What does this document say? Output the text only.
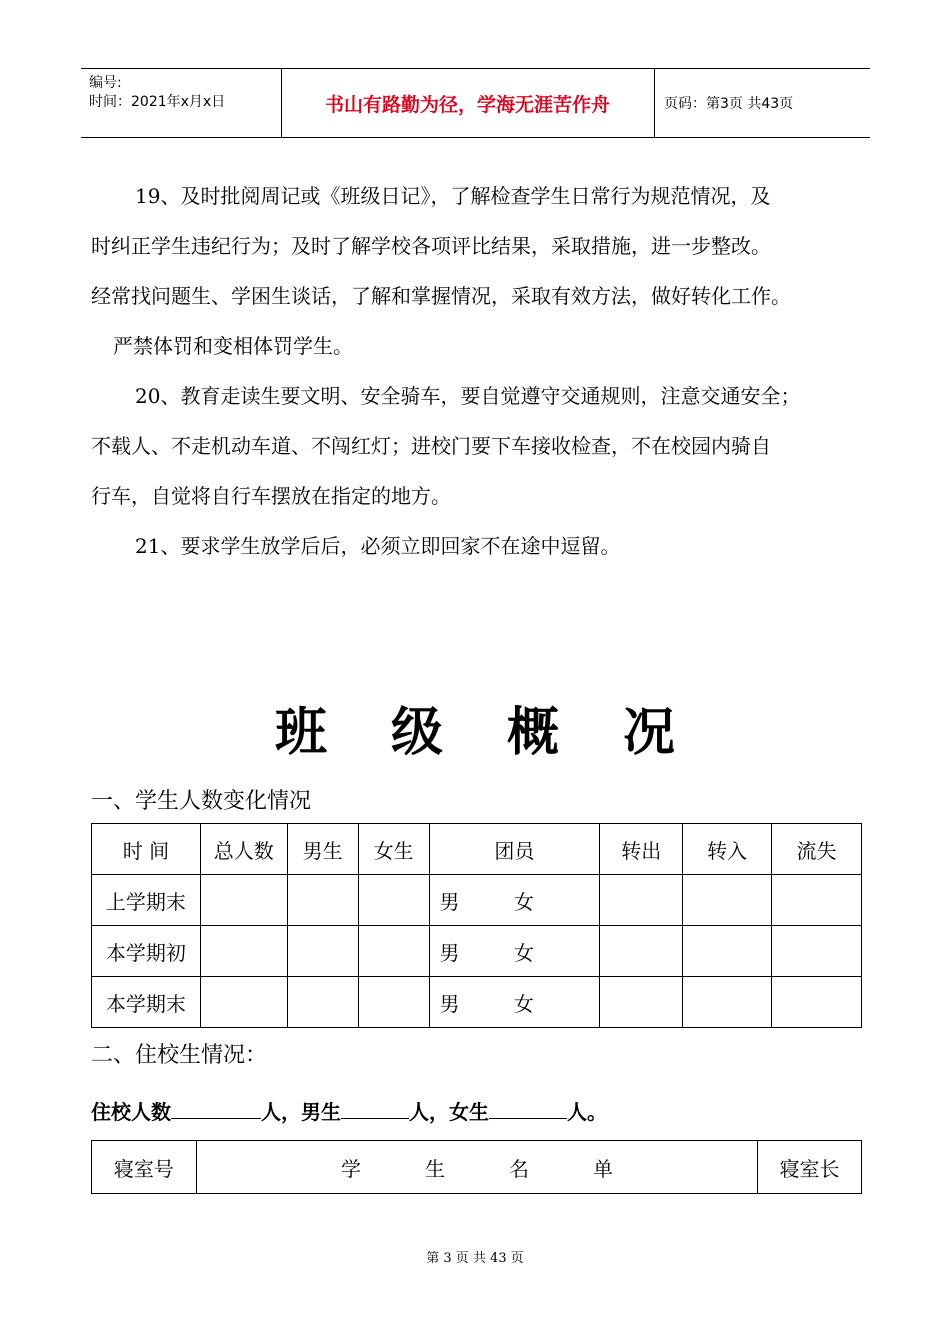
编号:
时间：2021年x月x日	书山有路勤为径，学海无涯苦作舟	页码：第3页 共43页
19、及时批阅周记或《班级日记》，了解检查学生日常行为规范情况，及
时纠正学生违纪行为；及时了解学校各项评比结果，采取措施，进一步整改。
经常找问题生、学困生谈话，了解和掌握情况，采取有效方法，做好转化工作。
严禁体罚和变相体罚学生。
20、教育走读生要文明、安全骑车，要自觉遵守交通规则，注意交通安全；
不载人、不走机动车道、不闯红灯；进校门要下车接收检查，不在校园内骑自
行车，自觉将自行车摆放在指定的地方。
21、要求学生放学后后，必须立即回家不在途中逗留。
班级概况
一、学生人数变化情况
时 间	总人数	男生	女生	团员	转出	转入	流失
上学期末				男 女			
本学期初				男 女			
本学期末				男 女			
二、住校生情况：
住校人数	人，男生	人，女生	人。
寝室号	学生名单	寝室长
第 3 页 共 43 页
